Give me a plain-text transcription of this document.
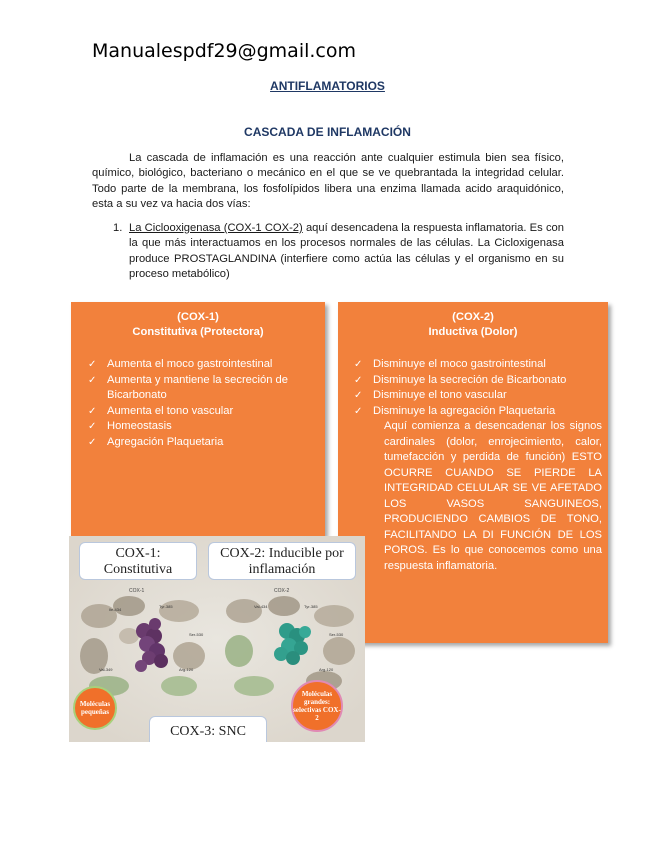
Manualespdf29@gmail.com
ANTIFLAMATORIOS
CASCADA DE INFLAMACIÓN
La cascada de inflamación es una reacción ante cualquier estimula bien sea físico, químico, biológico, bacteriano o mecánico en el que se ve quebrantada la integridad celular. Todo parte de la membrana, los fosfolípidos libera una enzima llamada acido araquidónico, esta a su vez va hacia dos vías:
1. La Ciclooxigenasa (COX-1 COX-2) aquí desencadena la respuesta inflamatoria. Es con la que más interactuamos en los procesos normales de las células. La Cicloxigenasa produce PROSTAGLANDINA (interfiere como actúa las células y el organismo en su proceso metabólico)
(COX-1)
Constitutiva (Protectora)
✓ Aumenta el moco gastrointestinal
✓ Aumenta y mantiene la secreción de Bicarbonato
✓ Aumenta el tono vascular
✓ Homeostasis
✓ Agregación Plaquetaria
(COX-2)
Inductiva (Dolor)
✓ Disminuye el moco gastrointestinal
✓ Disminuye la secreción de Bicarbonato
✓ Disminuye el tono vascular
✓ Disminuye la agregación Plaquetaria
Aquí comienza a desencadenar los signos cardinales (dolor, enrojecimiento, calor, tumefacción y perdida de función) ESTO OCURRE CUANDO SE PIERDE LA INTEGRIDAD CELULAR SE VE AFETADO LOS VASOS SANGUINEOS, PRODUCIENDO CAMBIOS DE TONO, FACILITANDO LA DI FUNCIÓN DE LOS POROS. Es lo que conocemos como una respuesta inflamatoria.
Ile-434
Tyr-385
Ser-530
Arg-120
Val-349
Val-434	Tyr-385
Ser-530
Arg-120
COX-1:
Constitutiva
COX-2: Inducible por
inflamación
COX-1	COX-2
Moléculas pequeñas
Moléculas grandes: selectivas COX-2
COX-3: SNC
